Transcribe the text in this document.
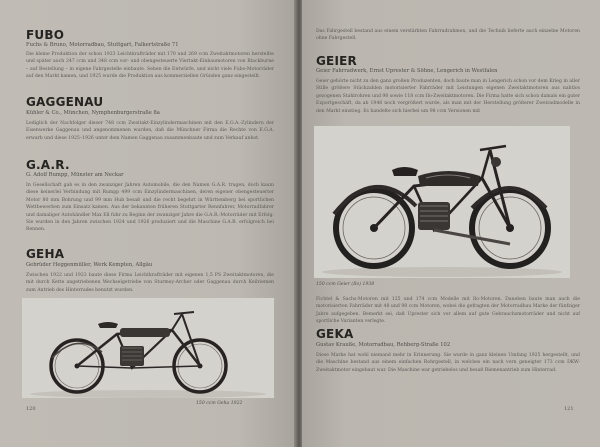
FUBO
Fuchs & Bruno, Motorradbau, Stuttgart, Falkertstraße 71
Die kleine Produktion der schon 1923 Leichtkrafträder mit 170 und 269 ccm Zweitaktmotoren herstellte und später auch 247 ccm und 348 ccm vor- und obengesteuerte Viertakt-Einbaumotoren von Blackburne – auf Bestellung – in eigene Fahrgestelle einbaute. Sehen die Entwürfe, und nicht viele Fubo-Motorräder auf den Markt kamen, und 1925 wurde die Produktion aus kommerziellen Gründen ganz eingestellt.
GAGGENAU
Kühler & Co., München, Nymphenburgerstraße 8a
Lediglich der Nachfolger dieser 748 ccm Zweitakt-Einzylindermaschinen mit den E.G.A.-Zylindern der Eisenwerke Gaggenau und angenommenen wurden, daß die Münchner Firma die Rechte von E.G.A. erwarb und diese 1925–1926 unter dem Namen Gaggenau zusammenbaute und zum Verkauf anbot.
G.A.R.
G. Adolf Rumpp, Münster am Neckar
In Gesellschaft gab es in den zwanziger Jahren Automobile, die den Namen G.A.R. trugen, doch kaum diese keinerlei Verbindung mit Rumpp 499 ccm Einzylindermaschinen, deren eigener obengesteuerter Motor 80 mm Bohrung und 99 mm Hub besaß und die recht begehrt in Württemberg bei sportlichen Wettbewerben zum Einsatz kamen. Aus der bekannten früheren Stuttgarter Rennfahrer, Motorradfahrer und damaliger Autohändler Max Ell fuhr zu Beginn der zwanziger Jahre die G.A.R.-Motorräder mit Erfolg. Sie wurden in den Jahren zwischen 1924 und 1926 produziert und die Maschine G.A.R. erfolgreich bei Rennen.
GEHA
Gebrüder Heggenmüller, Werk Kempten, Allgäu
Zwischen 1922 und 1923 baute diese Firma Leichtkrafträder mit eigenen 1,5 PS Zweitaktmotoren, die mit durch Kette angetriebenen Wechselgetriebe von Sturmey-Archer oder Gaggenau durch Keilriemen zum Antrieb des Hinterrades benutzt wurden.
150 ccm Geha 1922
120
Das Fahrgestell bestand aus einem verstärkten Fahrradrahmen, und die Technik lieferte auch einzelne Motoren ohne Fahrgestell.
GEIER
Geier Fahrradwerk, Ernst Uprester & Söhne, Lengerich in Westfalen
Geier gehörte nicht zu den ganz großen Produzenten, doch baute man in Lengerich schon vor dem Krieg in aller Stille größere Stückzahlen motorisierter Fahrräder mit Leistungen eigenen Zweitaktmotoren aus nahtlos gezogenen Stahlrohren und 98 sowie 118 ccm Ilo-Zweitaktmotoren. Die Firma hatte sich schon damals ein guter Exportgeschäft, da ab 1948 noch vergrößert wurde, als man mit der Herstellung größerer Zweiradmodelle in den Markt einstieg. Es handelte sich hierbei um 98 ccm Versionen mit
150 ccm Geier (Ilo) 1938
Fichtel & Sachs-Motoren mit 125 und 174 ccm Modelle mit Ilo-Motoren. Daneben baute man auch die motorisierten Fahrräder mit 48 und 98 ccm Motoren, wobei die gefragten der Motorradbau Marke der fünfziger Jahre aufgegeben. Bemerkt sei, daß Uprester sich vor allem auf gute Gebrauchsmotorräder und nicht auf sportliche Varianten verlegte.
GEKA
Gustav Krauße, Motorradbau, Rehberg-Straße 102
Diese Marke hat wohl niemand mehr in Erinnerung. Sie wurde in ganz kleinen Umfang 1925 hergestellt, und die Maschine bestand aus einem einfachen Rohrgestell, in welches ein nach vorn geneigter 173 ccm DKW-Zweitaktmotor eingebaut war. Die Maschine war getriebelos und besaß Riemenantrieb zum Hinterrad.
121
